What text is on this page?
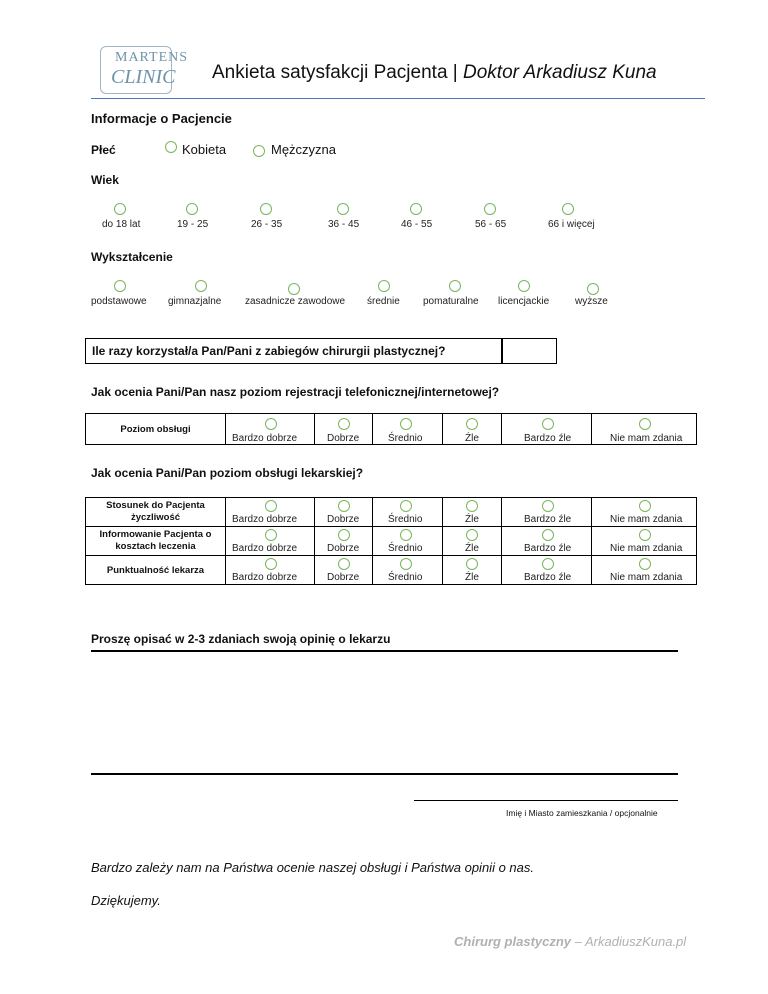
MARTENS
CLINIC Ankieta satysfakcji Pacjenta | Doktor Arkadiusz Kuna
Informacje o Pacjencie
Płeć	Kobieta	Mężczyzna
Wiek
do 18 lat	19 - 25	26 - 35	36 - 45	46 - 55	56 - 65	66 i więcej
Wykształcenie
podstawowe gimnazjalne zasadnicze zawodowe średnie pomaturalne licencjackie	wyższe
Ile razy korzystał/a Pan/Pani z zabiegów chirurgii plastycznej?
Jak ocenia Pani/Pan nasz poziom rejestracji telefonicznej/internetowej?
Poziom obsługi

Bardzo dobrze	Dobrze	Średnio	Źle	Bardzo źle	Nie mam zdania
Jak ocenia Pani/Pan poziom obsługi lekarskiej?
Stosunek do Pacjenta życzliwość	Bardzo dobrze	Dobrze	Średnio	Źle	Bardzo źle	Nie mam zdania

Informowanie Pacjenta o kosztach leczenia	Bardzo dobrze	Dobrze	Średnio	Źle	Bardzo źle	Nie mam zdania

Punktualność lekarza	Bardzo dobrze	Dobrze	Średnio	Źle	Bardzo źle	Nie mam zdania
Proszę opisać w 2-3 zdaniach swoją opinię o lekarzu
Imię i Miasto zamieszkania / opcjonalnie
Bardzo zależy nam na Państwa ocenie naszej obsługi i Państwa opinii o nas.
Dziękujemy.
Chirurg plastyczny – ArkadiuszKuna.pl
